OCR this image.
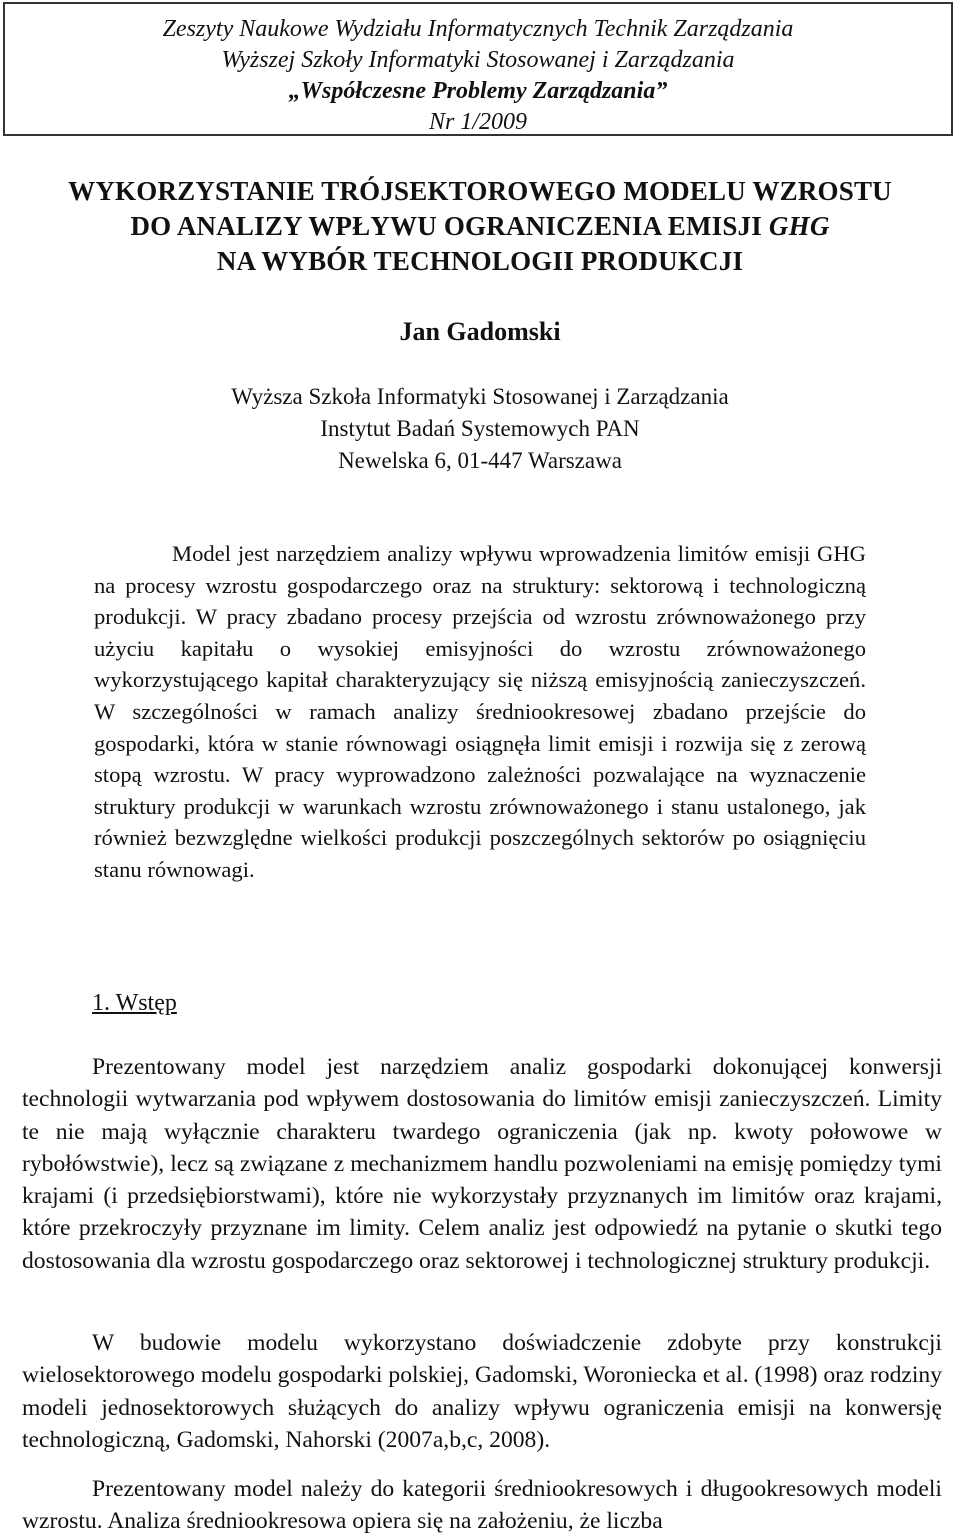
Zeszyty Naukowe Wydziału Informatycznych Technik Zarządzania
Wyższej Szkoły Informatyki Stosowanej i Zarządzania
„Współczesne Problemy Zarządzania”
Nr 1/2009
WYKORZYSTANIE TRÓJSEKTOROWEGO MODELU WZROSTU
DO ANALIZY WPŁYWU OGRANICZENIA EMISJI GHG
NA WYBÓR TECHNOLOGII PRODUKCJI
Jan Gadomski
Wyższa Szkoła Informatyki Stosowanej i Zarządzania
Instytut Badań Systemowych PAN
Newelska 6, 01-447 Warszawa
Model jest narzędziem analizy wpływu wprowadzenia limitów emisji GHG na procesy wzrostu gospodarczego oraz na struktury: sektorową i technologiczną produkcji. W pracy zbadano procesy przejścia od wzrostu zrównoważonego przy użyciu kapitału o wysokiej emisyjności do wzrostu zrównoważonego wykorzystującego kapitał charakteryzujący się niższą emisyjnością zanieczyszczeń. W szczególności w ramach analizy średniookresowej zbadano przejście do gospodarki, która w stanie równowagi osiągnęła limit emisji i rozwija się z zerową stopą wzrostu. W pracy wyprowadzono zależności pozwalające na wyznaczenie struktury produkcji w warunkach wzrostu zrównoważonego i stanu ustalonego, jak również bezwzględne wielkości produkcji poszczególnych sektorów po osiągnięciu stanu równowagi.
1. Wstęp
Prezentowany model jest narzędziem analiz gospodarki dokonującej konwersji technologii wytwarzania pod wpływem dostosowania do limitów emisji zanieczyszczeń. Limity te nie mają wyłącznie charakteru twardego ograniczenia (jak np. kwoty połowowe w rybołówstwie), lecz są związane z mechanizmem handlu pozwoleniami na emisję pomiędzy tymi krajami (i przedsiębiorstwami), które nie wykorzystały przyznanych im limitów oraz krajami, które przekroczyły przyznane im limity. Celem analiz jest odpowiedź na pytanie o skutki tego dostosowania dla wzrostu gospodarczego oraz sektorowej i technologicznej struktury produkcji.
W budowie modelu wykorzystano doświadczenie zdobyte przy konstrukcji wielosektorowego modelu gospodarki polskiej, Gadomski, Woroniecka et al. (1998) oraz rodziny modeli jednosektorowych służących do analizy wpływu ograniczenia emisji na konwersję technologiczną, Gadomski, Nahorski (2007a,b,c, 2008).
Prezentowany model należy do kategorii średniookresowych i długookresowych modeli wzrostu. Analiza średniookresowa opiera się na założeniu, że liczba
